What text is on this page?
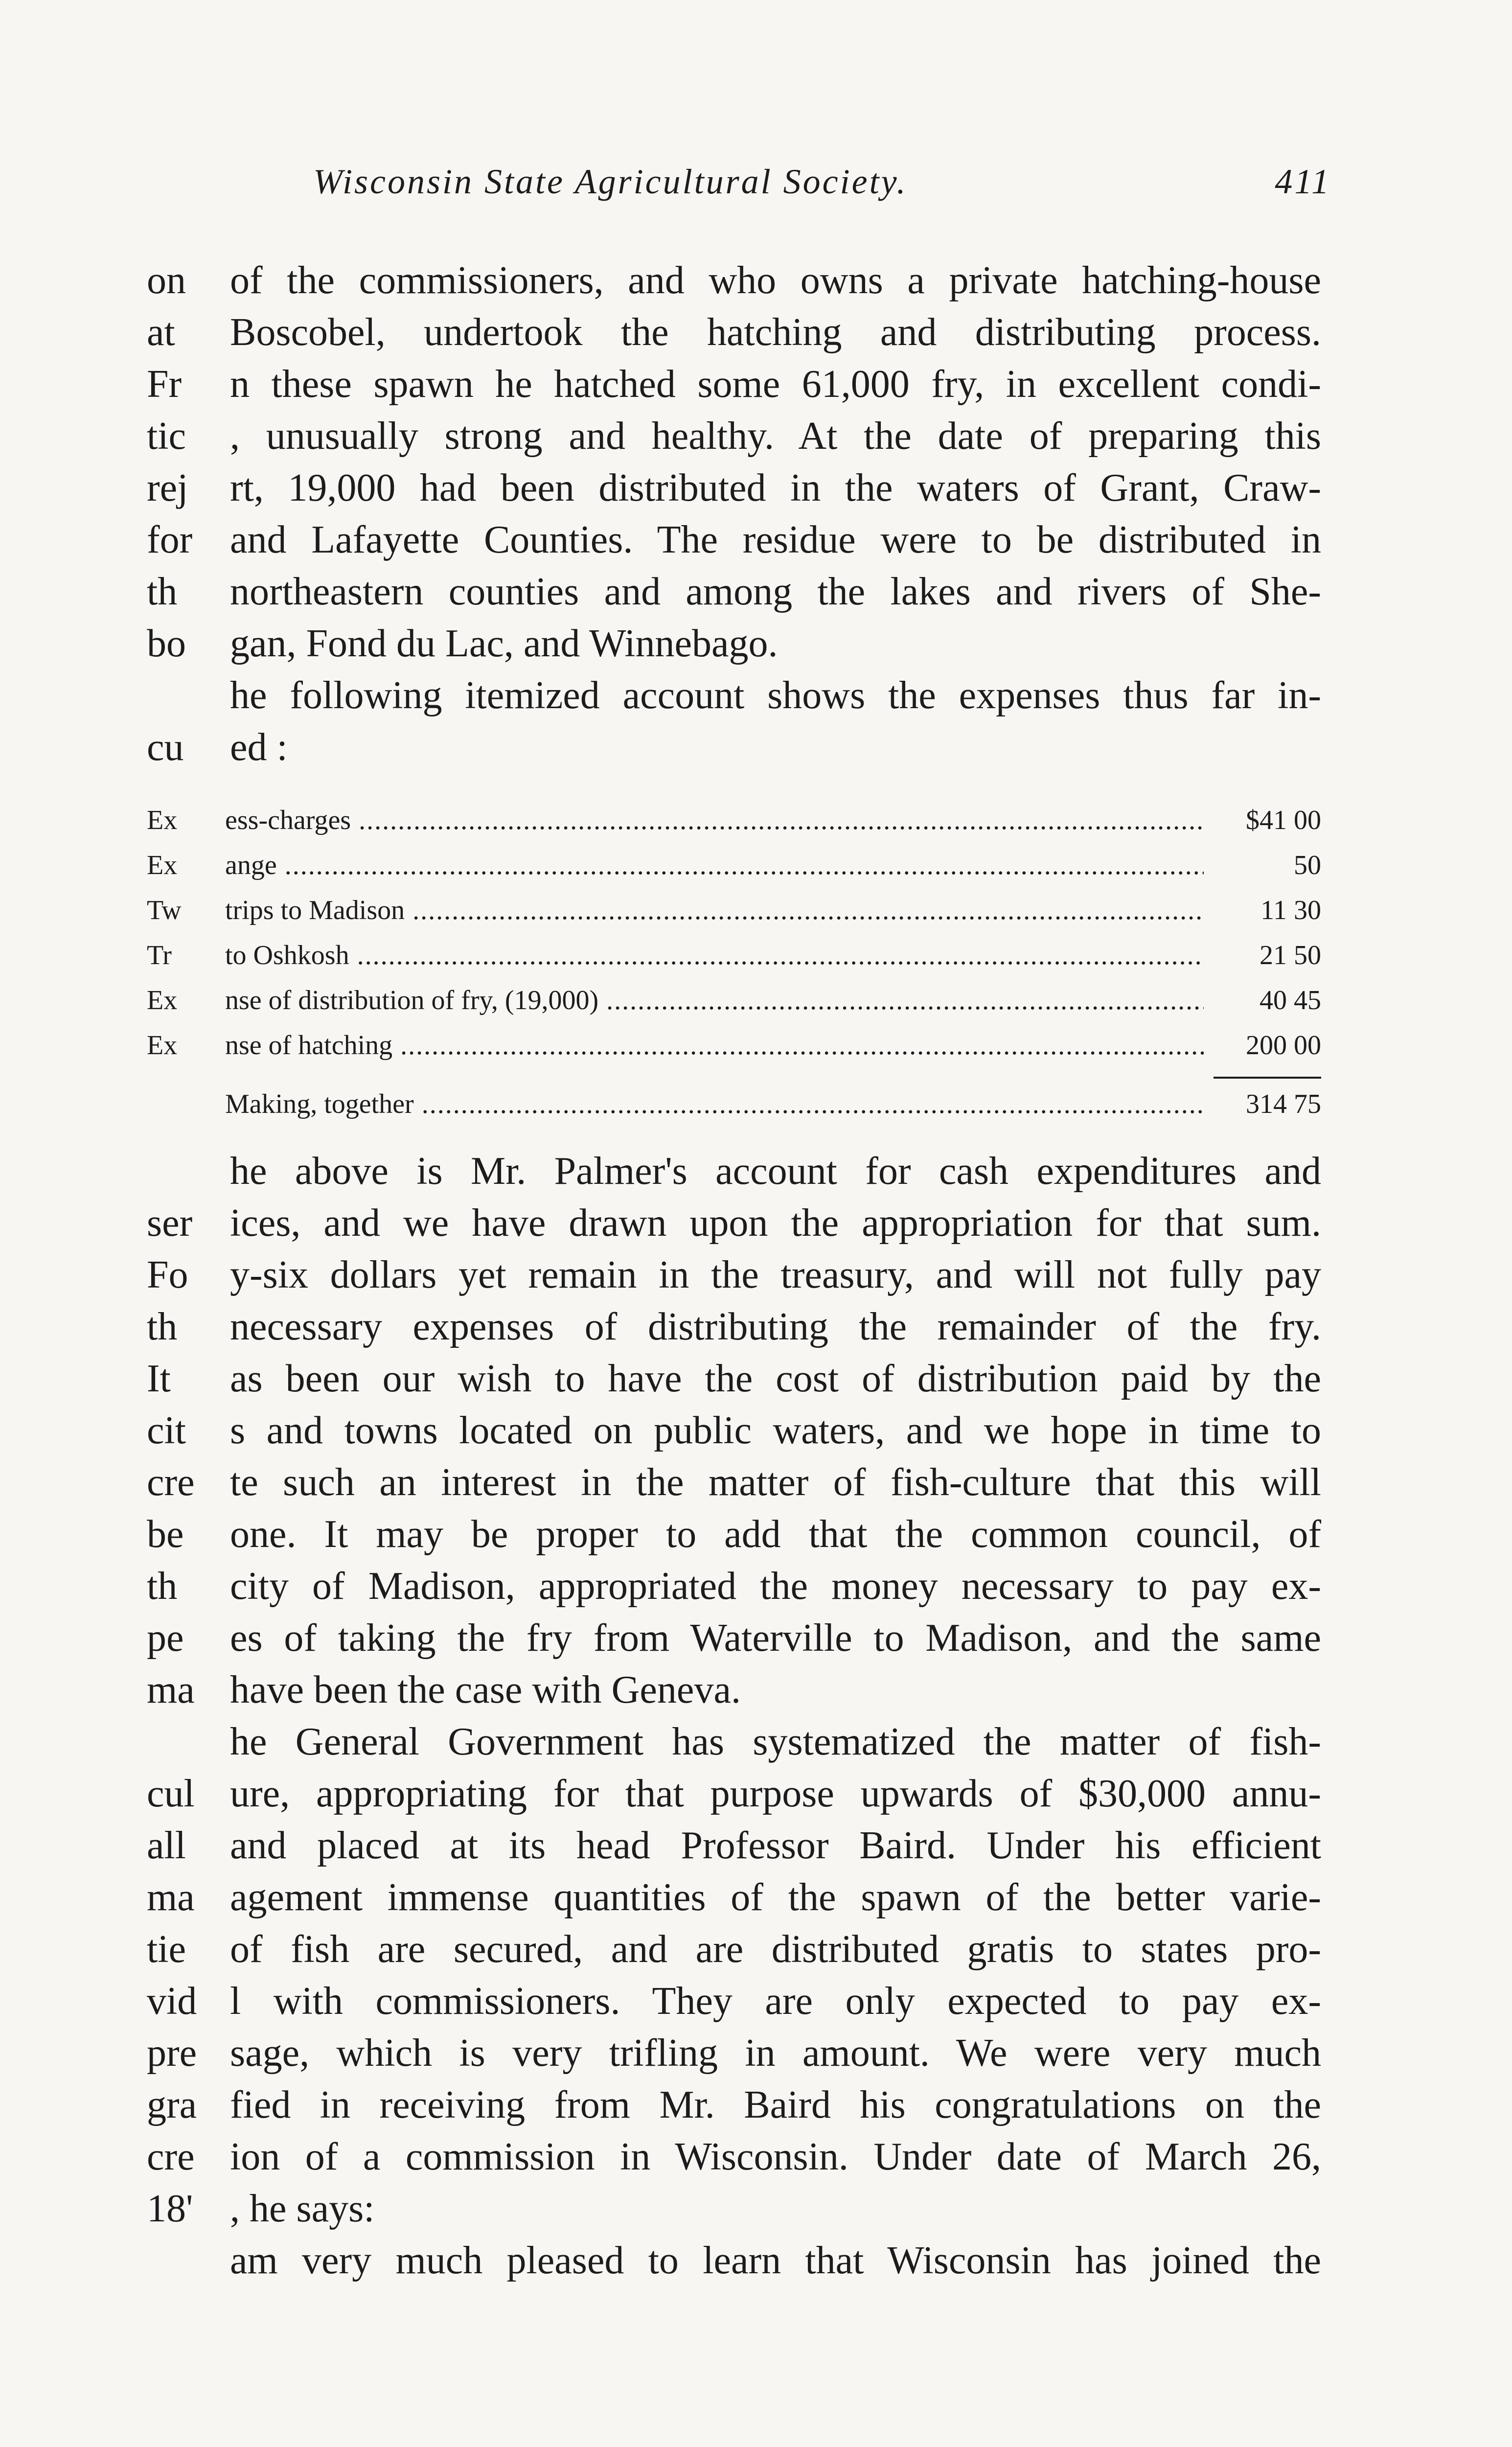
Wisconsin State Agricultural Society.	411
on	of the commissioners, and who owns a private hatching-house
at	Boscobel, undertook the hatching and distributing process.
Fr	n these spawn he hatched some 61,000 fry, in excellent condi-
tic	, unusually strong and healthy. At the date of preparing this
rej	rt, 19,000 had been distributed in the waters of Grant, Craw-
for and Lafayette Counties. The residue were to be distributed in
th	northeastern counties and among the lakes and rivers of She-
bo	gan, Fond du Lac, and Winnebago.
he following itemized account shows the expenses thus far in-
cu	ed :
Ex	ess-charges .....	$41 00
Ex	ange .....	50
Tw	trips to Madison .....	11 30
Tr	to Oshkosh .....	21 50
Ex	nse of distribution of fry, (19,000) .....	40 45
Ex	nse of hatching .....	200 00
Making, together .....	314 75
he above is Mr. Palmer's account for cash expenditures and
ser ices, and we have drawn upon the appropriation for that sum.
Fo	y-six dollars yet remain in the treasury, and will not fully pay
th	necessary expenses of distributing the remainder of the fry.
It	as been our wish to have the cost of distribution paid by the
cit	s and towns located on public waters, and we hope in time to
cre te such an interest in the matter of fish-culture that this will
be	one. It may be proper to add that the common council, of
th	city of Madison, appropriated the money necessary to pay ex-
pe	es of taking the fry from Waterville to Madison, and the same
ma have been the case with Geneva.
he General Government has systematized the matter of fish-
cul ure, appropriating for that purpose upwards of $30,000 annu-
all	and placed at its head Professor Baird. Under his efficient
ma agement immense quantities of the spawn of the better varie-
tie	of fish are secured, and are distributed gratis to states pro-
vid l with commissioners. They are only expected to pay ex-
pre sage, which is very trifling in amount. We were very much
gra fied in receiving from Mr. Baird his congratulations on the
cre ion of a commission in Wisconsin. Under date of March 26,
18' , he says:
am very much pleased to learn that Wisconsin has joined the
